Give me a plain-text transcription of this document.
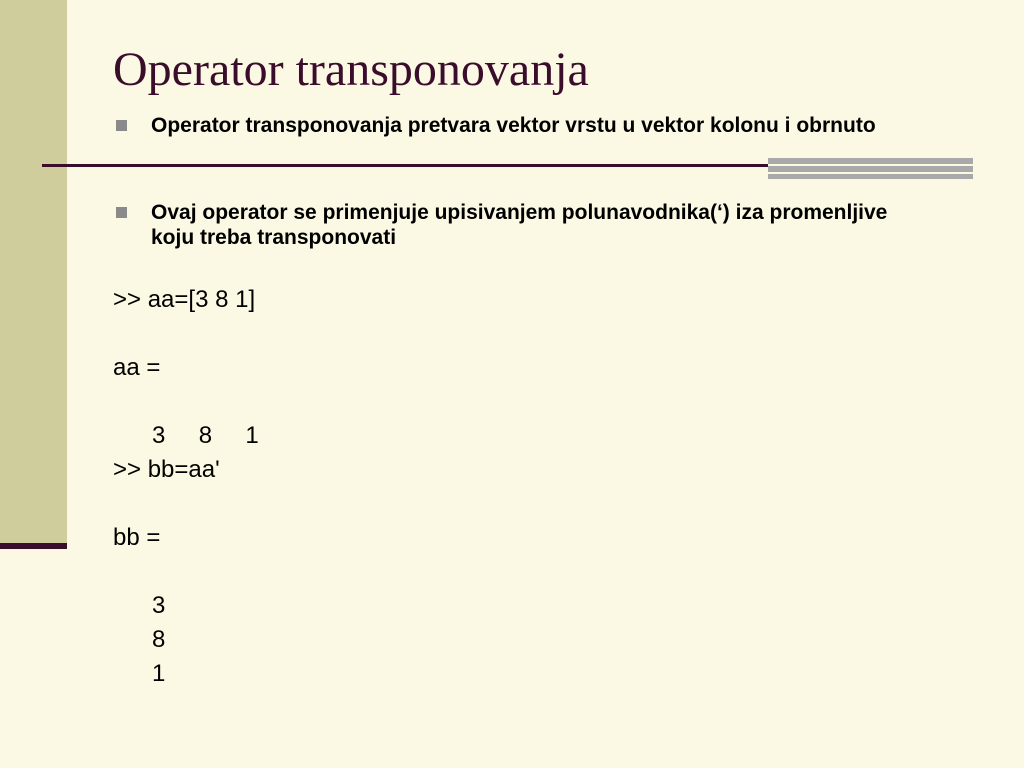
Operator transponovanja
Operator transponovanja pretvara vektor vrstu u vektor kolonu i obrnuto
Ovaj operator se primenjuje upisivanjem polunavodnika(‘) iza promenljive koju treba transponovati
>> aa=[3 8 1]
aa =
3     8     1
>> bb=aa'
bb =
3
8
1
